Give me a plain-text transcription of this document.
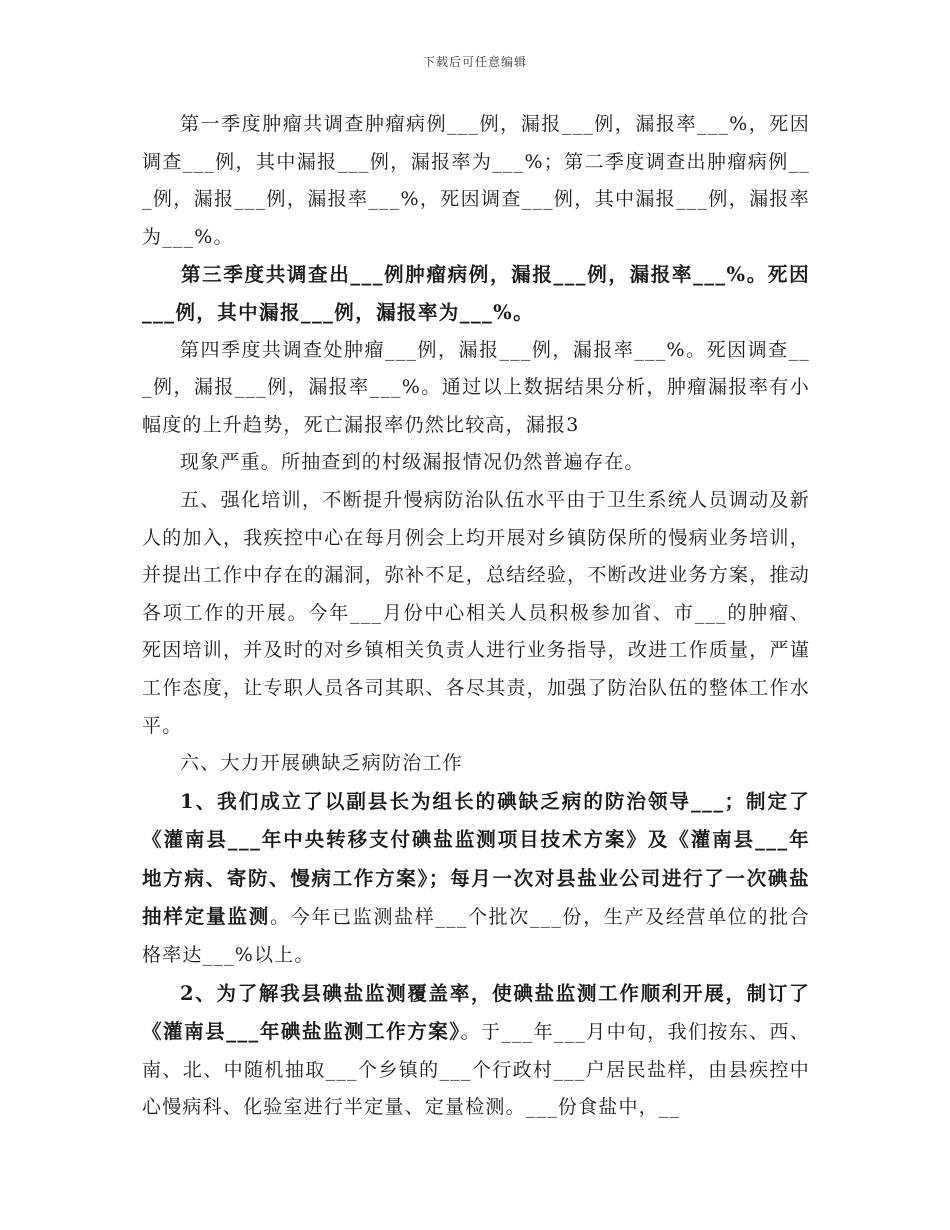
下载后可任意编辑

第一季度肿瘤共调查肿瘤病例___例，漏报___例，漏报率___%，死因调查___例，其中漏报___例，漏报率为___%；第二季度调查出肿瘤病例___例，漏报___例，漏报率___%，死因调查___例，其中漏报___例，漏报率为___%。

第三季度共调查出___例肿瘤病例，漏报___例，漏报率___%。死因___例，其中漏报___例，漏报率为___%。

第四季度共调查处肿瘤___例，漏报___例，漏报率___%。死因调查___例，漏报___例，漏报率___%。通过以上数据结果分析，肿瘤漏报率有小幅度的上升趋势，死亡漏报率仍然比较高，漏报3

现象严重。所抽查到的村级漏报情况仍然普遍存在。

五、强化培训，不断提升慢病防治队伍水平由于卫生系统人员调动及新人的加入，我疾控中心在每月例会上均开展对乡镇防保所的慢病业务培训，并提出工作中存在的漏洞，弥补不足，总结经验，不断改进业务方案，推动各项工作的开展。今年___月份中心相关人员积极参加省、市___的肿瘤、死因培训，并及时的对乡镇相关负责人进行业务指导，改进工作质量，严谨工作态度，让专职人员各司其职、各尽其责，加强了防治队伍的整体工作水平。

六、大力开展碘缺乏病防治工作

1、我们成立了以副县长为组长的碘缺乏病的防治领导___；制定了《灌南县___年中央转移支付碘盐监测项目技术方案》及《灌南县___年地方病、寄防、慢病工作方案》；每月一次对县盐业公司进行了一次碘盐抽样定量监测。今年已监测盐样___个批次___份，生产及经营单位的批合格率达___%以上。

2、为了解我县碘盐监测覆盖率，使碘盐监测工作顺利开展，制订了《灌南县___年碘盐监测工作方案》。于___年___月中旬，我们按东、西、南、北、中随机抽取___个乡镇的___个行政村___户居民盐样，由县疾控中心慢病科、化验室进行半定量、定量检测。___份食盐中，__
